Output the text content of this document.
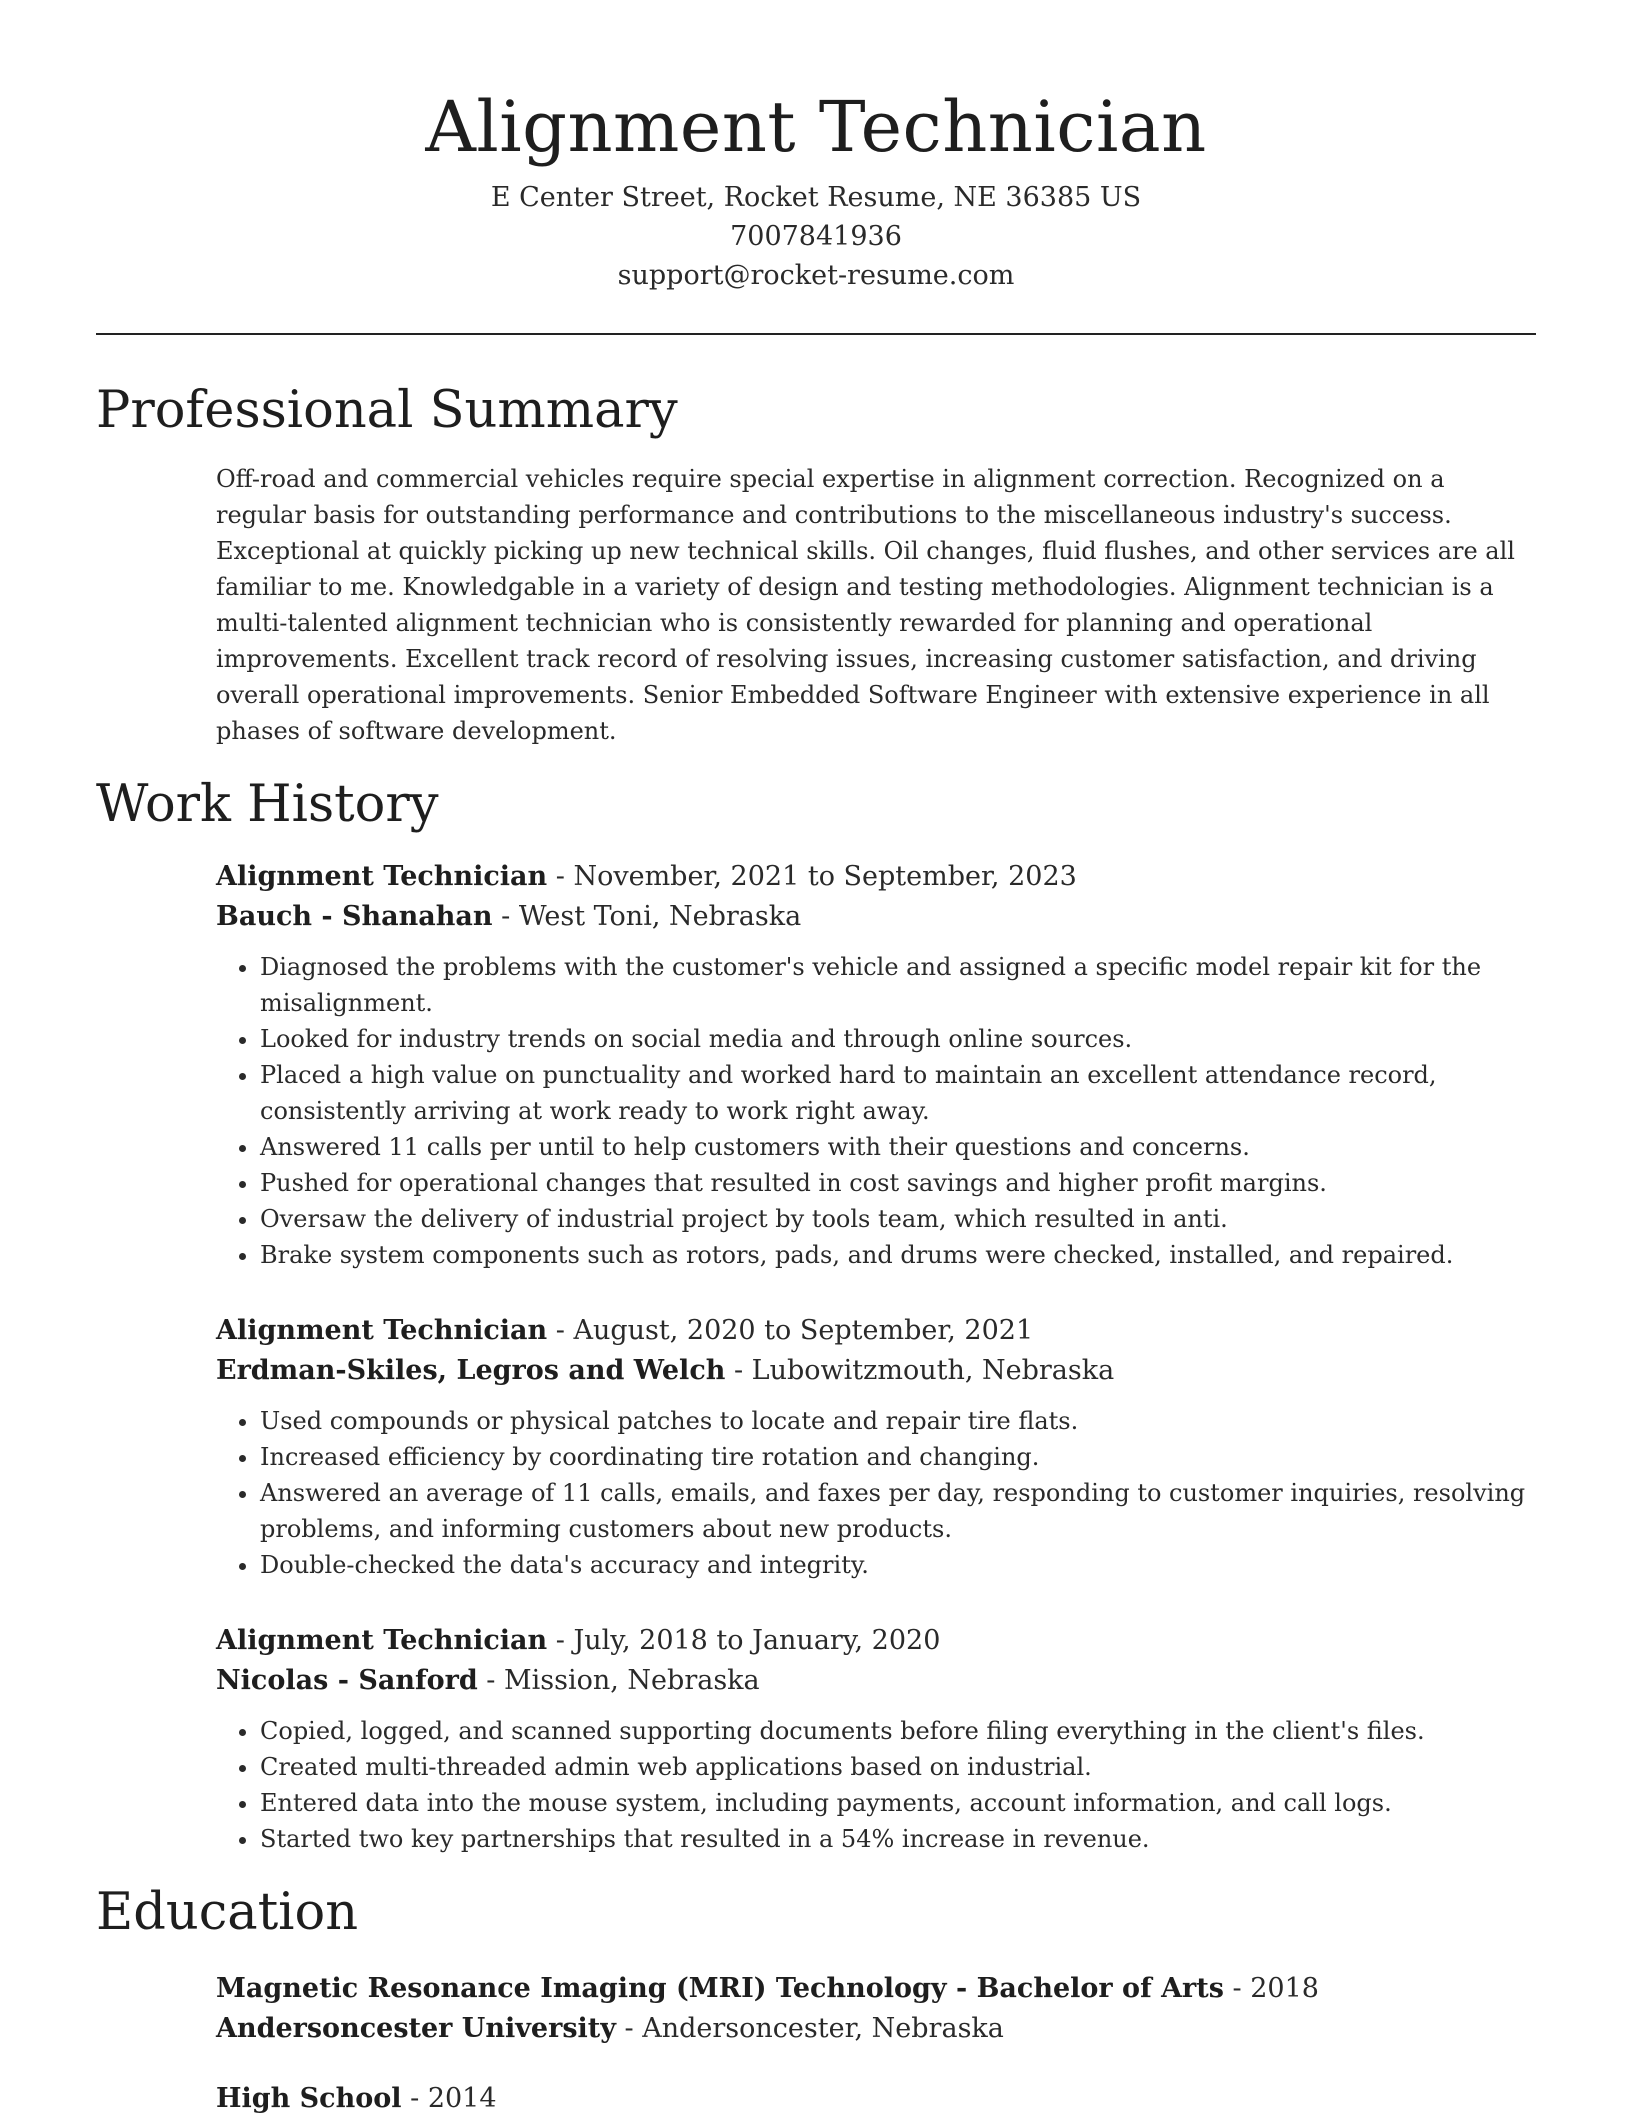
Alignment Technician
E Center Street, Rocket Resume, NE 36385 US
7007841936
support@rocket-resume.com
Professional Summary
Off-road and commercial vehicles require special expertise in alignment correction. Recognized on a regular basis for outstanding performance and contributions to the miscellaneous industry's success. Exceptional at quickly picking up new technical skills. Oil changes, fluid flushes, and other services are all familiar to me. Knowledgable in a variety of design and testing methodologies. Alignment technician is a multi-talented alignment technician who is consistently rewarded for planning and operational improvements. Excellent track record of resolving issues, increasing customer satisfaction, and driving overall operational improvements. Senior Embedded Software Engineer with extensive experience in all phases of software development.
Work History
Alignment Technician - November, 2021 to September, 2023
Bauch - Shanahan - West Toni, Nebraska
• Diagnosed the problems with the customer's vehicle and assigned a specific model repair kit for the misalignment.
• Looked for industry trends on social media and through online sources.
• Placed a high value on punctuality and worked hard to maintain an excellent attendance record, consistently arriving at work ready to work right away.
• Answered 11 calls per until to help customers with their questions and concerns.
• Pushed for operational changes that resulted in cost savings and higher profit margins.
• Oversaw the delivery of industrial project by tools team, which resulted in anti.
• Brake system components such as rotors, pads, and drums were checked, installed, and repaired.
Alignment Technician - August, 2020 to September, 2021
Erdman-Skiles, Legros and Welch - Lubowitzmouth, Nebraska
• Used compounds or physical patches to locate and repair tire flats.
• Increased efficiency by coordinating tire rotation and changing.
• Answered an average of 11 calls, emails, and faxes per day, responding to customer inquiries, resolving problems, and informing customers about new products.
• Double-checked the data's accuracy and integrity.
Alignment Technician - July, 2018 to January, 2020
Nicolas - Sanford - Mission, Nebraska
• Copied, logged, and scanned supporting documents before filing everything in the client's files.
• Created multi-threaded admin web applications based on industrial.
• Entered data into the mouse system, including payments, account information, and call logs.
• Started two key partnerships that resulted in a 54% increase in revenue.
Education
Magnetic Resonance Imaging (MRI) Technology - Bachelor of Arts - 2018
Andersoncester University - Andersoncester, Nebraska
High School - 2014
